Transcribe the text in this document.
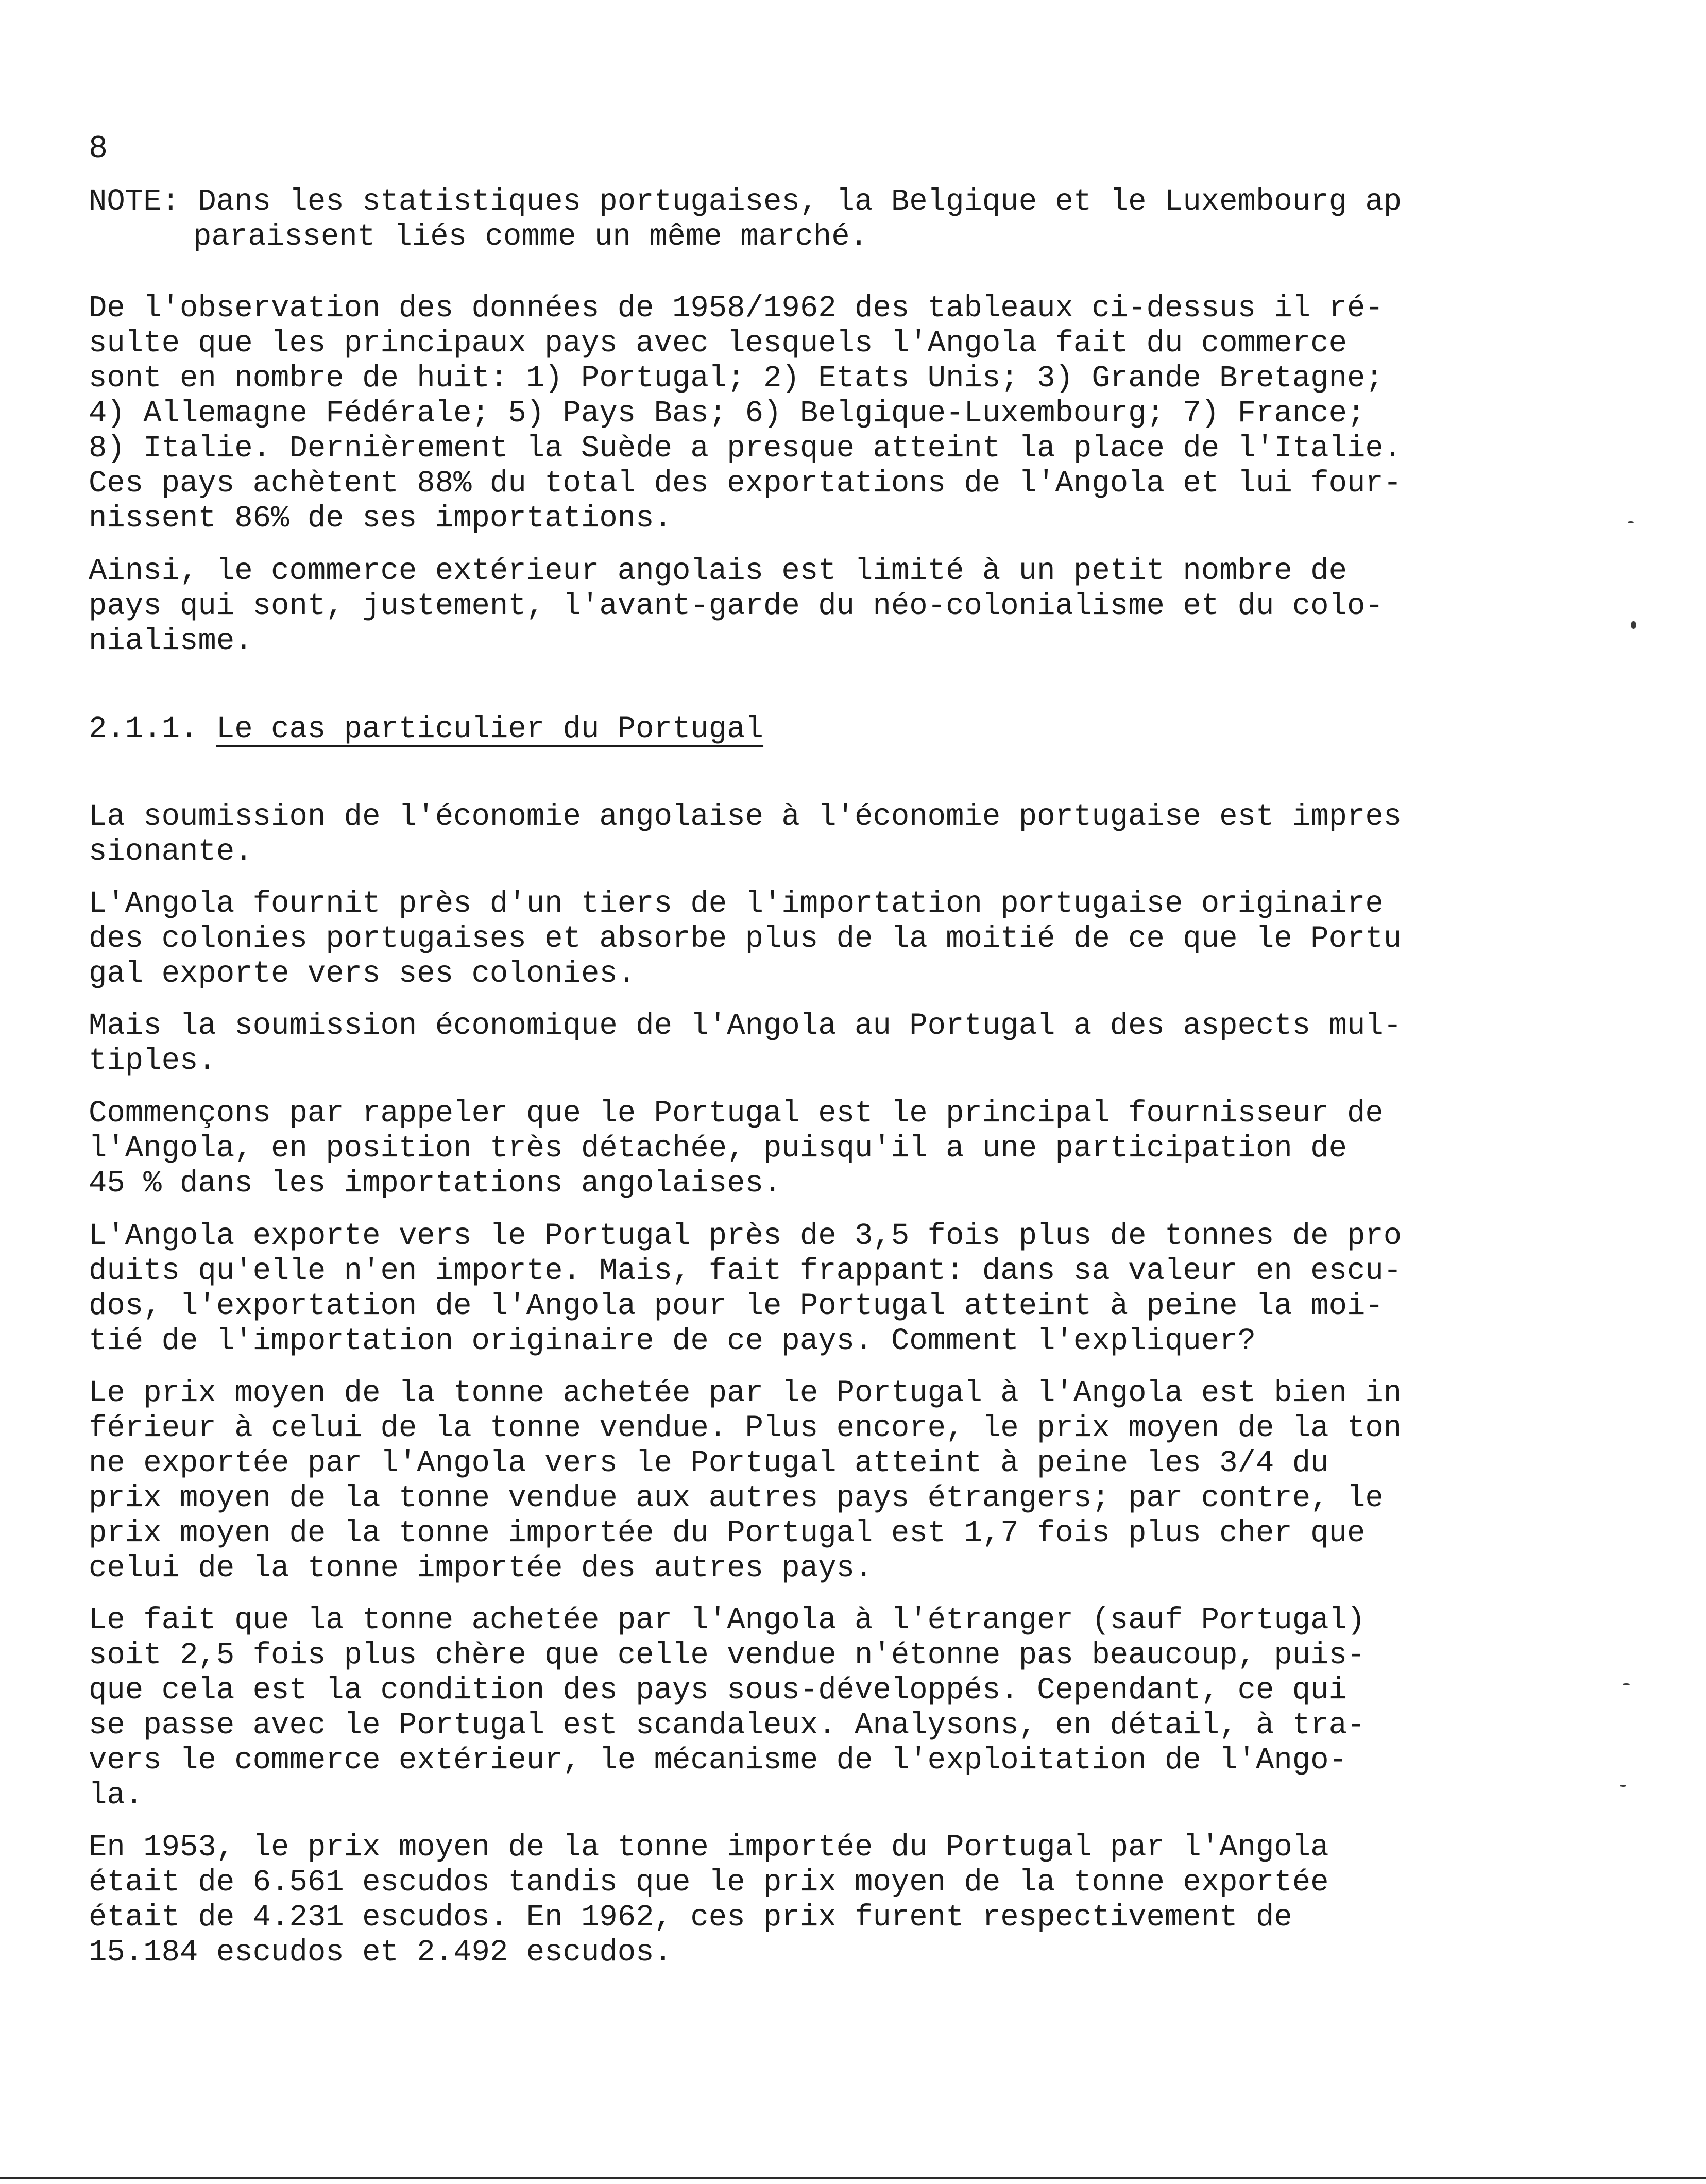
8
NOTE: Dans les statistiques portugaises, la Belgique et le Luxembourg ap
paraissent liés comme un même marché.
De l'observation des données de 1958/1962 des tableaux ci-dessus il ré-
sulte que les principaux pays avec lesquels l'Angola fait du commerce
sont en nombre de huit: 1) Portugal; 2) Etats Unis; 3) Grande Bretagne;
4) Allemagne Fédérale; 5) Pays Bas; 6) Belgique-Luxembourg; 7) France;
8) Italie. Dernièrement la Suède a presque atteint la place de l'Italie.
Ces pays achètent 88% du total des exportations de l'Angola et lui four-
nissent 86% de ses importations.
Ainsi, le commerce extérieur angolais est limité à un petit nombre de
pays qui sont, justement, l'avant-garde du néo-colonialisme et du colo-
nialisme.
2.1.1. Le cas particulier du Portugal
La soumission de l'économie angolaise à l'économie portugaise est impres
sionante.
L'Angola fournit près d'un tiers de l'importation portugaise originaire
des colonies portugaises et absorbe plus de la moitié de ce que le Portu
gal exporte vers ses colonies.
Mais la soumission économique de l'Angola au Portugal a des aspects mul-
tiples.
Commençons par rappeler que le Portugal est le principal fournisseur de
l'Angola, en position très détachée, puisqu'il a une participation de
45 % dans les importations angolaises.
L'Angola exporte vers le Portugal près de 3,5 fois plus de tonnes de pro
duits qu'elle n'en importe. Mais, fait frappant: dans sa valeur en escu-
dos, l'exportation de l'Angola pour le Portugal atteint à peine la moi-
tié de l'importation originaire de ce pays. Comment l'expliquer?
Le prix moyen de la tonne achetée par le Portugal à l'Angola est bien in
férieur à celui de la tonne vendue. Plus encore, le prix moyen de la ton
ne exportée par l'Angola vers le Portugal atteint à peine les 3/4 du
prix moyen de la tonne vendue aux autres pays étrangers; par contre, le
prix moyen de la tonne importée du Portugal est 1,7 fois plus cher que
celui de la tonne importée des autres pays.
Le fait que la tonne achetée par l'Angola à l'étranger (sauf Portugal)
soit 2,5 fois plus chère que celle vendue n'étonne pas beaucoup, puis-
que cela est la condition des pays sous-développés. Cependant, ce qui
se passe avec le Portugal est scandaleux. Analysons, en détail, à tra-
vers le commerce extérieur, le mécanisme de l'exploitation de l'Ango-
la.
En 1953, le prix moyen de la tonne importée du Portugal par l'Angola
était de 6.561 escudos tandis que le prix moyen de la tonne exportée
était de 4.231 escudos. En 1962, ces prix furent respectivement de
15.184 escudos et 2.492 escudos.
